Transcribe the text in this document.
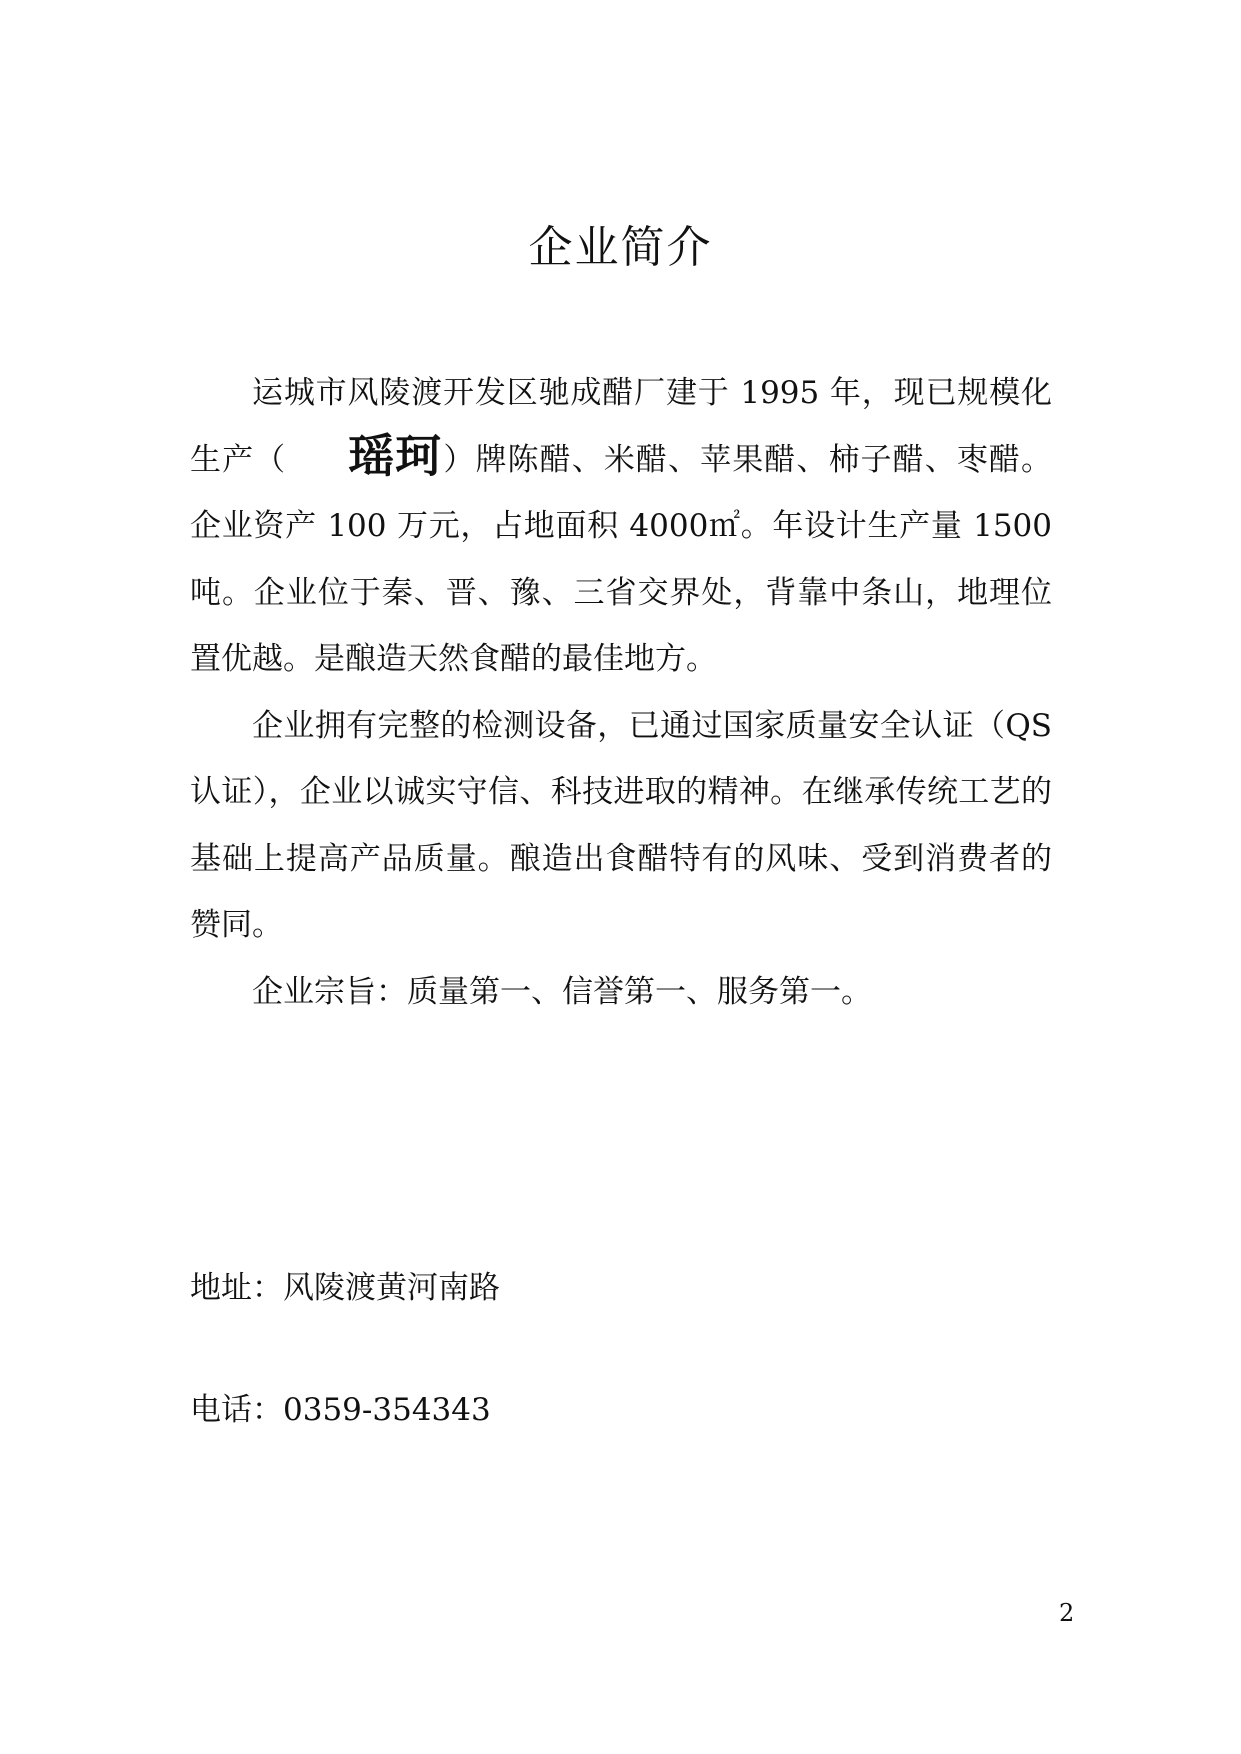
企业简介

运城市风陵渡开发区驰成醋厂建于 1995 年，现已规模化生产（ 瑶珂）牌陈醋、米醋、苹果醋、柿子醋、枣醋。企业资产 100 万元，占地面积 4000㎡。年设计生产量 1500 吨。企业位于秦、晋、豫、三省交界处，背靠中条山，地理位置优越。是酿造天然食醋的最佳地方。

企业拥有完整的检测设备，已通过国家质量安全认证（QS 认证），企业以诚实守信、科技进取的精神。在继承传统工艺的基础上提高产品质量。酿造出食醋特有的风味、受到消费者的赞同。

企业宗旨：质量第一、信誉第一、服务第一。

地址：风陵渡黄河南路
电话：0359-354343
2
